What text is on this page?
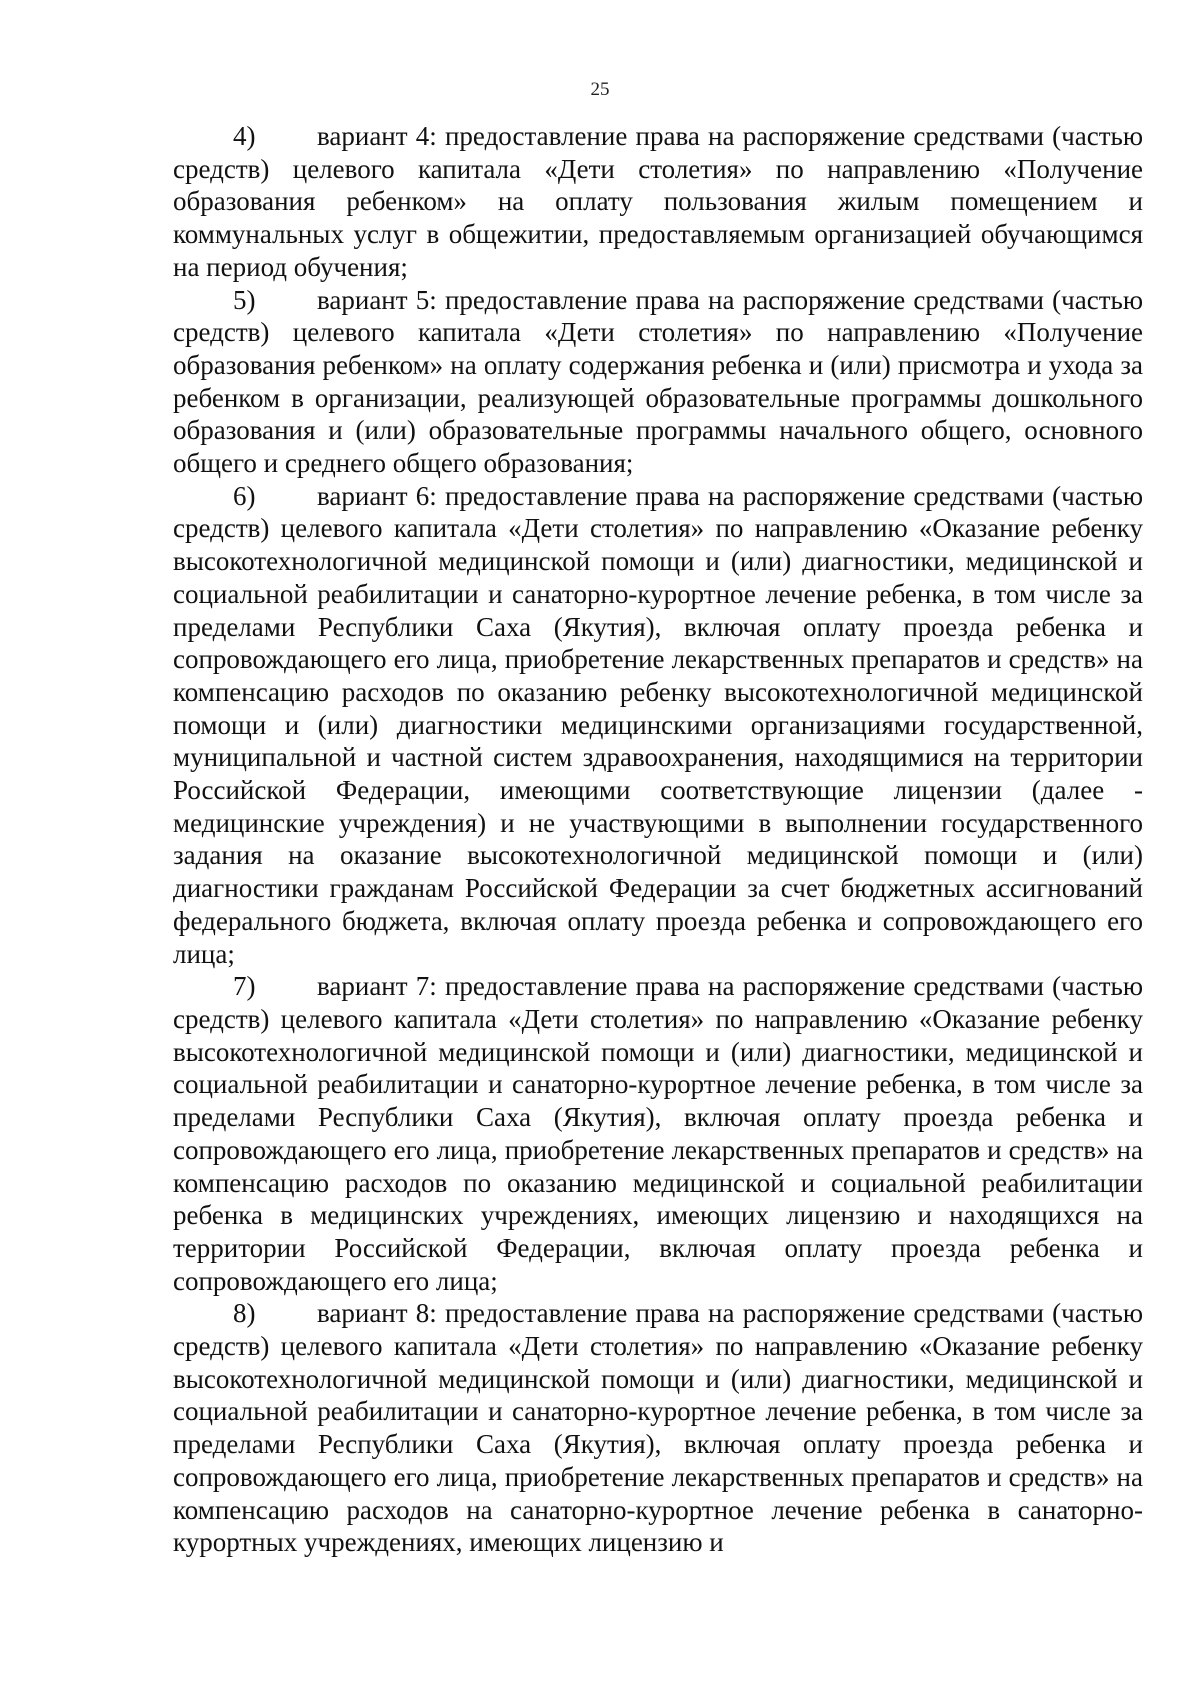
25

4) вариант 4: предоставление права на распоряжение средствами (частью средств) целевого капитала «Дети столетия» по направлению «Получение образования ребенком» на оплату пользования жилым помещением и коммунальных услуг в общежитии, предоставляемым организацией обучающимся на период обучения;

5) вариант 5: предоставление права на распоряжение средствами (частью средств) целевого капитала «Дети столетия» по направлению «Получение образования ребенком» на оплату содержания ребенка и (или) присмотра и ухода за ребенком в организации, реализующей образовательные программы дошкольного образования и (или) образовательные программы начального общего, основного общего и среднего общего образования;

6) вариант 6: предоставление права на распоряжение средствами (частью средств) целевого капитала «Дети столетия» по направлению «Оказание ребенку высокотехнологичной медицинской помощи и (или) диагностики, медицинской и социальной реабилитации и санаторно-курортное лечение ребенка, в том числе за пределами Республики Саха (Якутия), включая оплату проезда ребенка и сопровождающего его лица, приобретение лекарственных препаратов и средств» на компенсацию расходов по оказанию ребенку высокотехнологичной медицинской помощи и (или) диагностики медицинскими организациями государственной, муниципальной и частной систем здравоохранения, находящимися на территории Российской Федерации, имеющими соответствующие лицензии (далее - медицинские учреждения) и не участвующими в выполнении государственного задания на оказание высокотехнологичной медицинской помощи и (или) диагностики гражданам Российской Федерации за счет бюджетных ассигнований федерального бюджета, включая оплату проезда ребенка и сопровождающего его лица;

7) вариант 7: предоставление права на распоряжение средствами (частью средств) целевого капитала «Дети столетия» по направлению «Оказание ребенку высокотехнологичной медицинской помощи и (или) диагностики, медицинской и социальной реабилитации и санаторно-курортное лечение ребенка, в том числе за пределами Республики Саха (Якутия), включая оплату проезда ребенка и сопровождающего его лица, приобретение лекарственных препаратов и средств» на компенсацию расходов по оказанию медицинской и социальной реабилитации ребенка в медицинских учреждениях, имеющих лицензию и находящихся на территории Российской Федерации, включая оплату проезда ребенка и сопровождающего его лица;

8) вариант 8: предоставление права на распоряжение средствами (частью средств) целевого капитала «Дети столетия» по направлению «Оказание ребенку высокотехнологичной медицинской помощи и (или) диагностики, медицинской и социальной реабилитации и санаторно-курортное лечение ребенка, в том числе за пределами Республики Саха (Якутия), включая оплату проезда ребенка и сопровождающего его лица, приобретение лекарственных препаратов и средств» на компенсацию расходов на санаторно-курортное лечение ребенка в санаторно-курортных учреждениях, имеющих лицензию и
